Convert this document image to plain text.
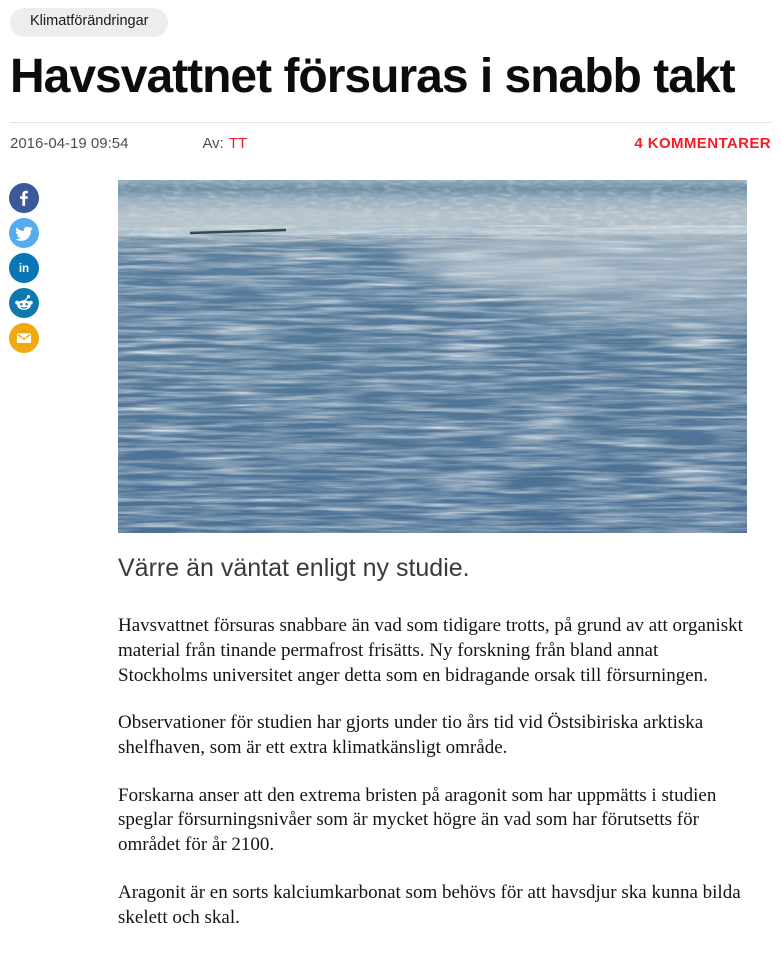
Klimatförändringar
Havsvattnet försuras i snabb takt
2016-04-19 09:54	Av: TT	4 KOMMENTARER
in

Värre än väntat enligt ny studie.

Havsvattnet försuras snabbare än vad som tidigare trotts, på grund av att organiskt material från tinande permafrost frisätts. Ny forskning från bland annat Stockholms universitet anger detta som en bidragande orsak till försurningen.

Observationer för studien har gjorts under tio års tid vid Östsibiriska arktiska shelfhaven, som är ett extra klimatkänsligt område.

Forskarna anser att den extrema bristen på aragonit som har uppmätts i studien speglar försurningsnivåer som är mycket högre än vad som har förutsetts för området för år 2100.

Aragonit är en sorts kalciumkarbonat som behövs för att havsdjur ska kunna bilda skelett och skal.
